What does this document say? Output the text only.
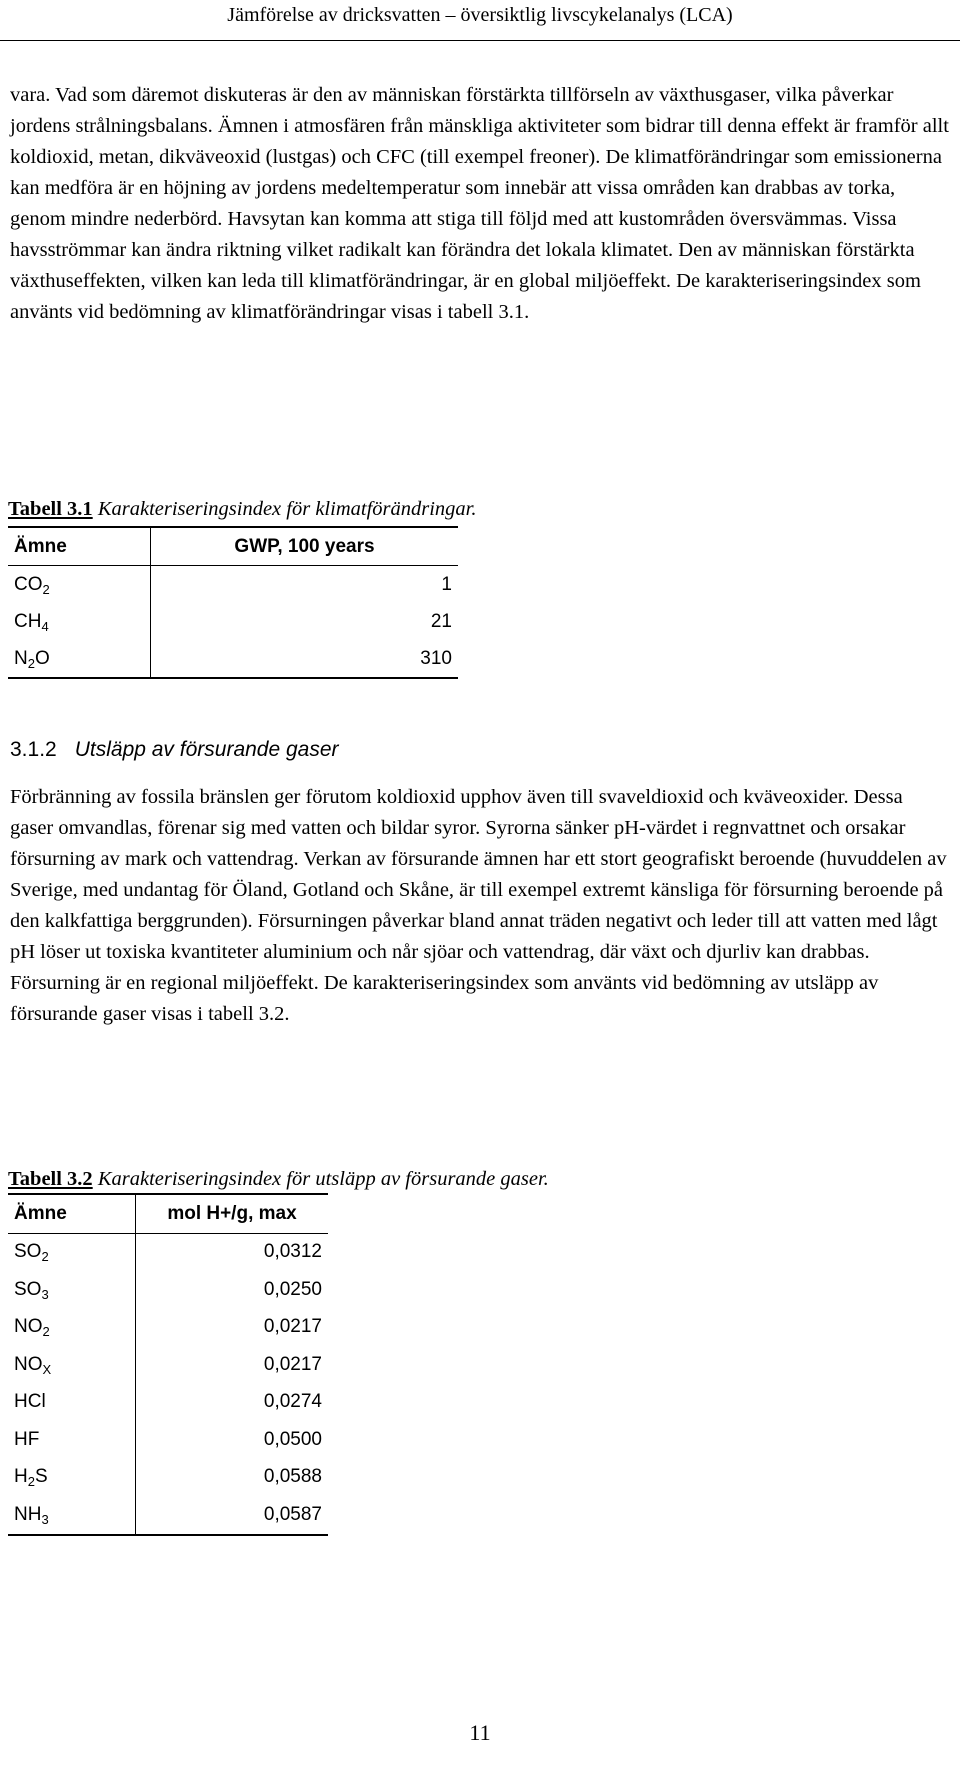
Jämförelse av dricksvatten – översiktlig livscykelanalys (LCA)

vara. Vad som däremot diskuteras är den av människan förstärkta tillförseln av växthusgaser, vilka påverkar jordens strålningsbalans. Ämnen i atmosfären från mänskliga aktiviteter som bidrar till denna effekt är framför allt koldioxid, metan, dikväveoxid (lustgas) och CFC (till exempel freoner). De klimatförändringar som emissionerna kan medföra är en höjning av jordens medeltemperatur som innebär att vissa områden kan drabbas av torka, genom mindre nederbörd. Havsytan kan komma att stiga till följd med att kustområden översvämmas. Vissa havsströmmar kan ändra riktning vilket radikalt kan förändra det lokala klimatet. Den av människan förstärkta växthuseffekten, vilken kan leda till klimatförändringar, är en global miljöeffekt. De karakteriseringsindex som använts vid bedömning av klimatförändringar visas i tabell 3.1.

Tabell 3.1 Karakteriseringsindex för klimatförändringar.
Ämne	GWP, 100 years
$CO_2$	1
$CH_4$	21
$N_2O$	310
3.1.2 Utsläpp av försurande gaser

Förbränning av fossila bränslen ger förutom koldioxid upphov även till svaveldioxid och kväveoxider. Dessa gaser omvandlas, förenar sig med vatten och bildar syror. Syrorna sänker pH-värdet i regnvattnet och orsakar försurning av mark och vattendrag. Verkan av försurande ämnen har ett stort geografiskt beroende (huvuddelen av Sverige, med undantag för Öland, Gotland och Skåne, är till exempel extremt känsliga för försurning beroende på den kalkfattiga berggrunden). Försurningen påverkar bland annat träden negativt och leder till att vatten med lågt pH löser ut toxiska kvantiteter aluminium och når sjöar och vattendrag, där växt och djurliv kan drabbas. Försurning är en regional miljöeffekt. De karakteriseringsindex som använts vid bedömning av utsläpp av försurande gaser visas i tabell 3.2.

Tabell 3.2 Karakteriseringsindex för utsläpp av försurande gaser.
Ämne	mol H+/g, max
$SO_2$	0,0312
$SO_3$	0,0250
$NO_2$	0,0217
$NO_X$	0,0217
HCl	0,0274
HF	0,0500
$H_2S$	0,0588
$NH_3$	0,0587
11
